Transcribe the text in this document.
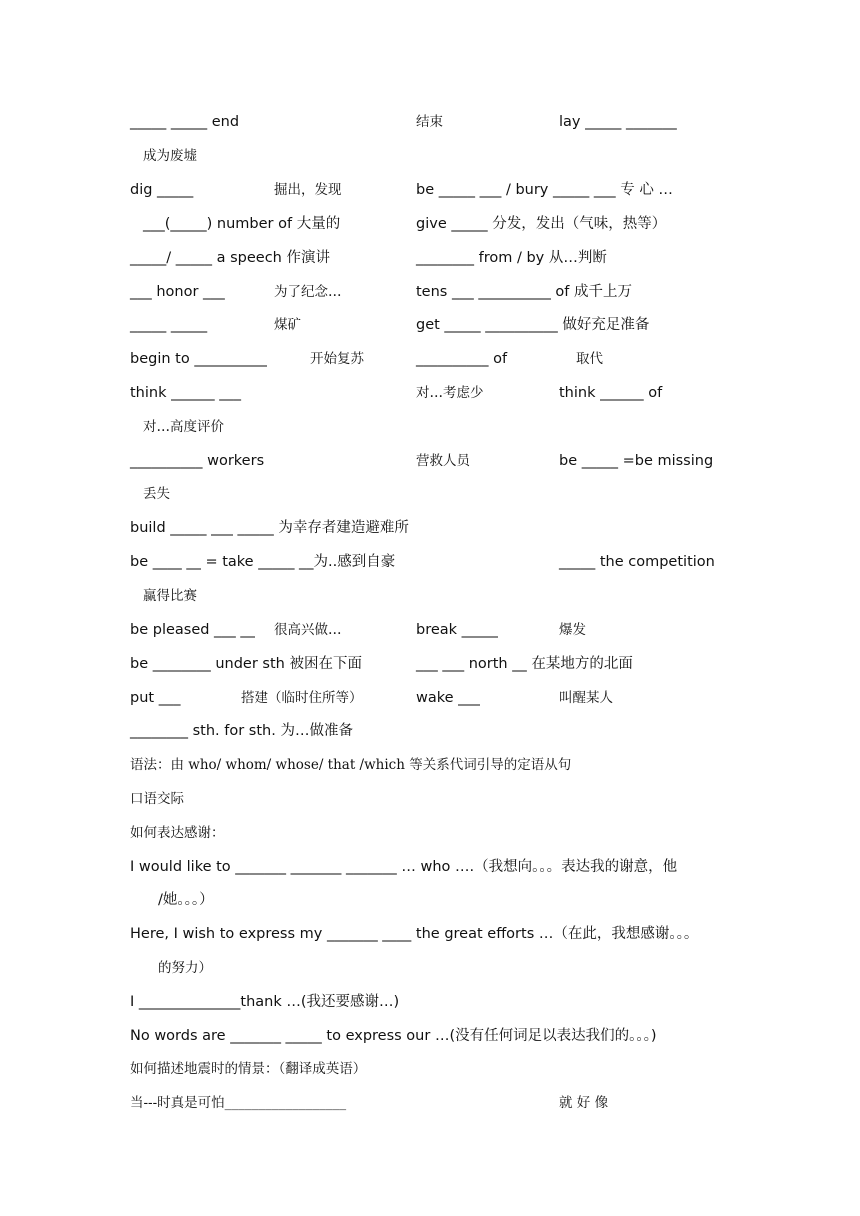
_____ _____ end	结束	lay _____ _______
成为废墟
dig _____	掘出，发现	be _____ ___ / bury _____ ___ 专 心 …
___(_____) number of 大量的	give _____ 分发，发出（气味，热等）
_____/ _____ a speech 作演讲	________ from / by 从…判断
___ honor ___	为了纪念…	tens ___ __________ of 成千上万
_____ _____	煤矿	get _____ __________ 做好充足准备
begin to __________	开始复苏	__________ of	取代
think ______ ___	对…考虑少	think ______ of
对…高度评价
__________ workers	营救人员	be _____ =be missing
丢失
build _____ ___ _____ 为幸存者建造避难所
be ____ __ = take _____ __为..感到自豪	_____ the competition
赢得比赛
be pleased ___ __ 很高兴做…	break _____	爆发
be ________ under sth 被困在下面	___ ___ north __ 在某地方的北面
put ___	搭建（临时住所等）	wake ___	叫醒某人
________ sth. for sth. 为…做准备
语法：由 who/ whom/ whose/ that /which 等关系代词引导的定语从句
口语交际
如何表达感谢：
I would like to _______ _______ _______ … who ….（我想向。。。表达我的谢意，他
/她。。。）
Here, I wish to express my _______ ____ the great efforts …（在此，我想感谢。。。
的努力）
I ______________thank …(我还要感谢…)
No words are _______ _____ to express our …(没有任何词足以表达我们的。。。)
如何描述地震时的情景：（翻译成英语）
当---时真是可怕__________________	就 好 像
